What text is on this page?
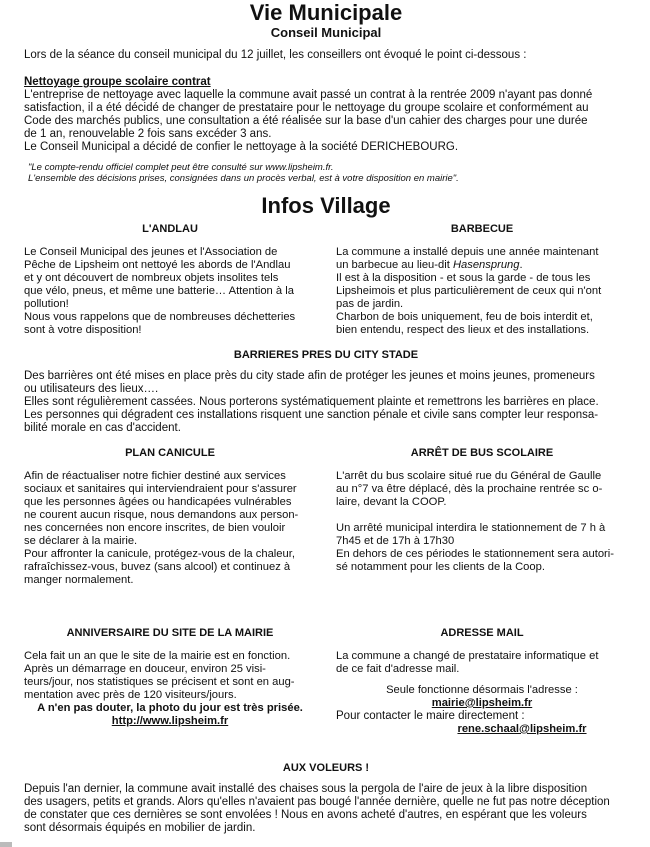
Vie Municipale
Conseil Municipal

Lors de la séance du conseil municipal du 12 juillet, les conseillers ont évoqué le point ci-dessous :

Nettoyage groupe scolaire contrat

L'entreprise de nettoyage avec laquelle la commune avait passé un contrat à la rentrée 2009 n'ayant pas donné

satisfaction, il a été décidé de changer de prestataire pour le nettoyage du groupe scolaire et conformément au

Code des marchés publics, une consultation a été réalisée sur la base d'un cahier des charges pour une durée

de 1 an, renouvelable 2 fois sans excéder 3 ans.

Le Conseil Municipal a décidé de confier le nettoyage à la société DERICHEBOURG.

"Le compte-rendu officiel complet peut être consulté sur www.lipsheim.fr.
L'ensemble des décisions prises, consignées dans un procès verbal, est à votre disposition en mairie".
Infos Village
L'ANDLAU

Le Conseil Municipal des jeunes et l'Association de

Pêche de Lipsheim ont nettoyé les abords de l'Andlau

et y ont découvert de nombreux objets insolites tels

que vélo, pneus, et même une batterie… Attention à la

pollution!

Nous vous rappelons que de nombreuses déchetteries

sont à votre disposition!

BARBECUE

La commune a installé depuis une année maintenant

un barbecue au lieu-dit Hasensprung.

Il est à la disposition - et sous la garde - de tous les

Lipsheimois et plus particulièrement de ceux qui n'ont

pas de jardin.

Charbon de bois uniquement, feu de bois interdit et,

bien entendu, respect des lieux et des installations.

BARRIERES PRES DU CITY STADE

Des barrières ont été mises en place près du city stade afin de protéger les jeunes et moins jeunes, promeneurs

ou utilisateurs des lieux….

Elles sont régulièrement cassées. Nous porterons systématiquement plainte et remettrons les barrières en place.

Les personnes qui dégradent ces installations risquent une sanction pénale et civile sans compter leur responsa-

bilité morale en cas d'accident.

PLAN CANICULE

Afin de réactualiser notre fichier destiné aux services

sociaux et sanitaires qui interviendraient pour s'assurer

que les personnes âgées ou handicapées vulnérables

ne courent aucun risque, nous demandons aux person-

nes concernées non encore inscrites, de bien vouloir

se déclarer à la mairie.

Pour affronter la canicule, protégez-vous de la chaleur,

rafraîchissez-vous, buvez (sans alcool) et continuez à

manger normalement.

ARRÊT DE BUS SCOLAIRE

L'arrêt du bus scolaire situé rue du Général de Gaulle

au n°7 va être déplacé, dès la prochaine rentrée sc o-

laire, devant la COOP.

Un arrêté municipal interdira le stationnement de 7 h à

7h45 et de 17h à 17h30

En dehors de ces périodes le stationnement sera autori-

sé notamment pour les clients de la Coop.

ANNIVERSAIRE DU SITE DE LA MAIRIE

Cela fait un an que le site de la mairie est en fonction.

Après un démarrage en douceur, environ 25 visi-

teurs/jour, nos statistiques se précisent et sont en aug-

mentation avec près de 120 visiteurs/jours.

A n'en pas douter, la photo du jour est très prisée.

http://www.lipsheim.fr

ADRESSE MAIL

La commune a changé de prestataire informatique et

de ce fait d'adresse mail.

Seule fonctionne désormais l'adresse :

mairie@lipsheim.fr

Pour contacter le maire directement :

rene.schaal@lipsheim.fr

AUX VOLEURS !

Depuis l'an dernier, la commune avait installé des chaises sous la pergola de l'aire de jeux à la libre disposition

des usagers, petits et grands. Alors qu'elles n'avaient pas bougé l'année dernière, quelle ne fut pas notre déception

de constater que ces dernières se sont envolées ! Nous en avons acheté d'autres, en espérant que les voleurs

sont désormais équipés en mobilier de jardin.
